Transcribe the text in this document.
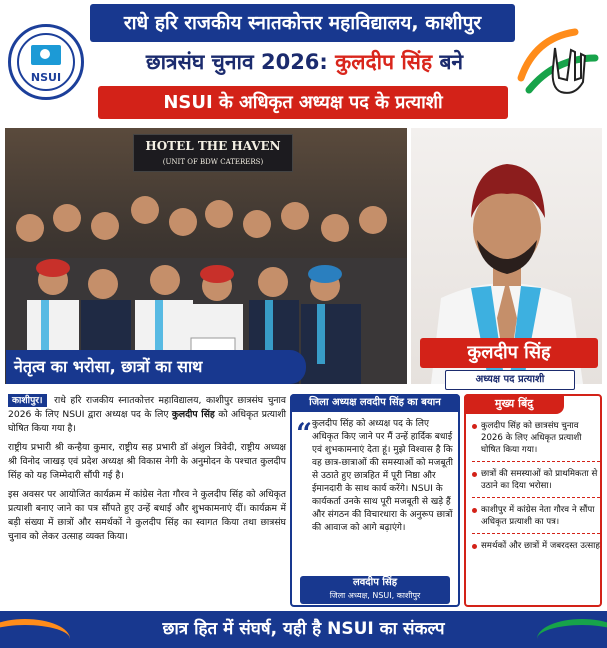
NSUI
राधे हरि राजकीय स्नातकोत्तर महाविद्यालय, काशीपुर
छात्रसंघ चुनाव 2026: कुलदीप सिंह बने
NSUI के अधिकृत अध्यक्ष पद के प्रत्याशी
HOTEL THE HAVEN
(UNIT OF BDW CATERERS)
नेतृत्व का भरोसा, छात्रों का साथ
कुलदीप सिंह
अध्यक्ष पद प्रत्याशी

काशीपुर। राधे हरि राजकीय स्नातकोत्तर महाविद्यालय, काशीपुर छात्रसंघ चुनाव 2026 के लिए NSUI द्वारा अध्यक्ष पद के लिए कुलदीप सिंह को अधिकृत प्रत्याशी घोषित किया गया है।

राष्ट्रीय प्रभारी श्री कन्हैया कुमार, राष्ट्रीय सह प्रभारी डॉ अंशुल त्रिवेदी, राष्ट्रीय अध्यक्ष श्री विनोद जाखड़ एवं प्रदेश अध्यक्ष श्री विकास नेगी के अनुमोदन के पश्चात कुलदीप सिंह को यह जिम्मेदारी सौंपी गई है।

इस अवसर पर आयोजित कार्यक्रम में कांग्रेस नेता गौरव ने कुलदीप सिंह को अधिकृत प्रत्याशी बनाए जाने का पत्र सौंपते हुए उन्हें बधाई और शुभकामनाएं दीं। कार्यक्रम में बड़ी संख्या में छात्रों और समर्थकों ने कुलदीप सिंह का स्वागत किया तथा छात्रसंघ चुनाव को लेकर उत्साह व्यक्त किया।

जिला अध्यक्ष लवदीप सिंह का बयान
“ कुलदीप सिंह को अध्यक्ष पद के लिए अधिकृत किए जाने पर मैं उन्हें हार्दिक बधाई एवं शुभकामनाएं देता हूं। मुझे विश्वास है कि वह छात्र-छात्राओं की समस्याओं को मजबूती से उठाते हुए छात्रहित में पूरी निष्ठा और ईमानदारी के साथ कार्य करेंगे। NSUI के कार्यकर्ता उनके साथ पूरी मजबूती से खड़े हैं और संगठन की विचारधारा के अनुरूप छात्रों की आवाज को आगे बढ़ाएंगे।
लवदीप सिंह
जिला अध्यक्ष, NSUI, काशीपुर
मुख्य बिंदु
कुलदीप सिंह को छात्रसंघ चुनाव 2026 के लिए अधिकृत प्रत्याशी घोषित किया गया।
छात्रों की समस्याओं को प्राथमिकता से उठाने का दिया भरोसा।
काशीपुर में कांग्रेस नेता गौरव ने सौंपा अधिकृत प्रत्याशी का पत्र।
समर्थकों और छात्रों में जबरदस्त उत्साह
छात्र हित में संघर्ष, यही है NSUI का संकल्प
